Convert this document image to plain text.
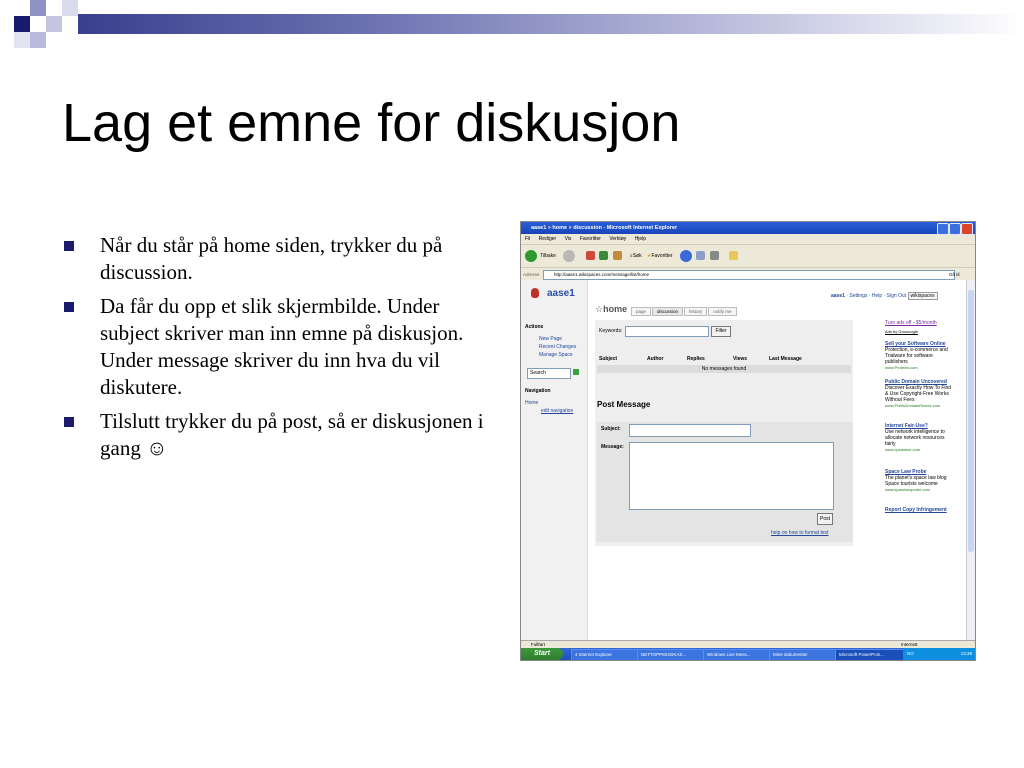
Lag et emne for diskusjon
Når du står på home siden, trykker du på discussion.
Da får du opp et slik skjermbilde. Under subject skriver man inn emne på diskusjon. Under message skriver du inn hva du vil diskutere.
Tilslutt trykker du på post, så er diskusjonen i gang ☺
aase1 » home » discussion - Microsoft Internet Explorer
Fil Rediger Vis Favoritter Verktøy Hjelp
Tilbake	⌕Søk ★Favoritter
Adresse	http://aase1.wikispaces.com/message/list/home	Gå til
aase1
Actions
New Page
Recent Changes
Manage Space
Search
Navigation
Home
edit navigation
aase1 · Settings · Help · Sign Out wikispaces
☆home	page discussion history notify me
Keywords:	Filter
Subject	Author	Replies	Views	Last Message
No messages found
Post Message
Subject:
Message:
Post
help on how to format text
Turn ads off - $5/month
Ads by Gooooogle
Sell your Software Online
Protection, e-commerce and Trialware for software publishers
www.Protexis.com
Public Domain Uncovered
Discover Exactly How To Find & Use Copyright-Free Works Without Fees
www.PublicDomainRiches.com
Internet Fair-Use?
Use network intelligence to allocate network resources fairly
www.cpsdoline.com
Space Law Probe
The planet's space law blog Space tourists welcome
www.spacelawprobe.com
Report Copy Infringement
Fullført	Internett
Start	4 Internet Explorer	NETTOPPMUSIKAS...	Windows Live Mess...	Mine dokumenter	Microsoft PowerPoin...	NO	13:38
